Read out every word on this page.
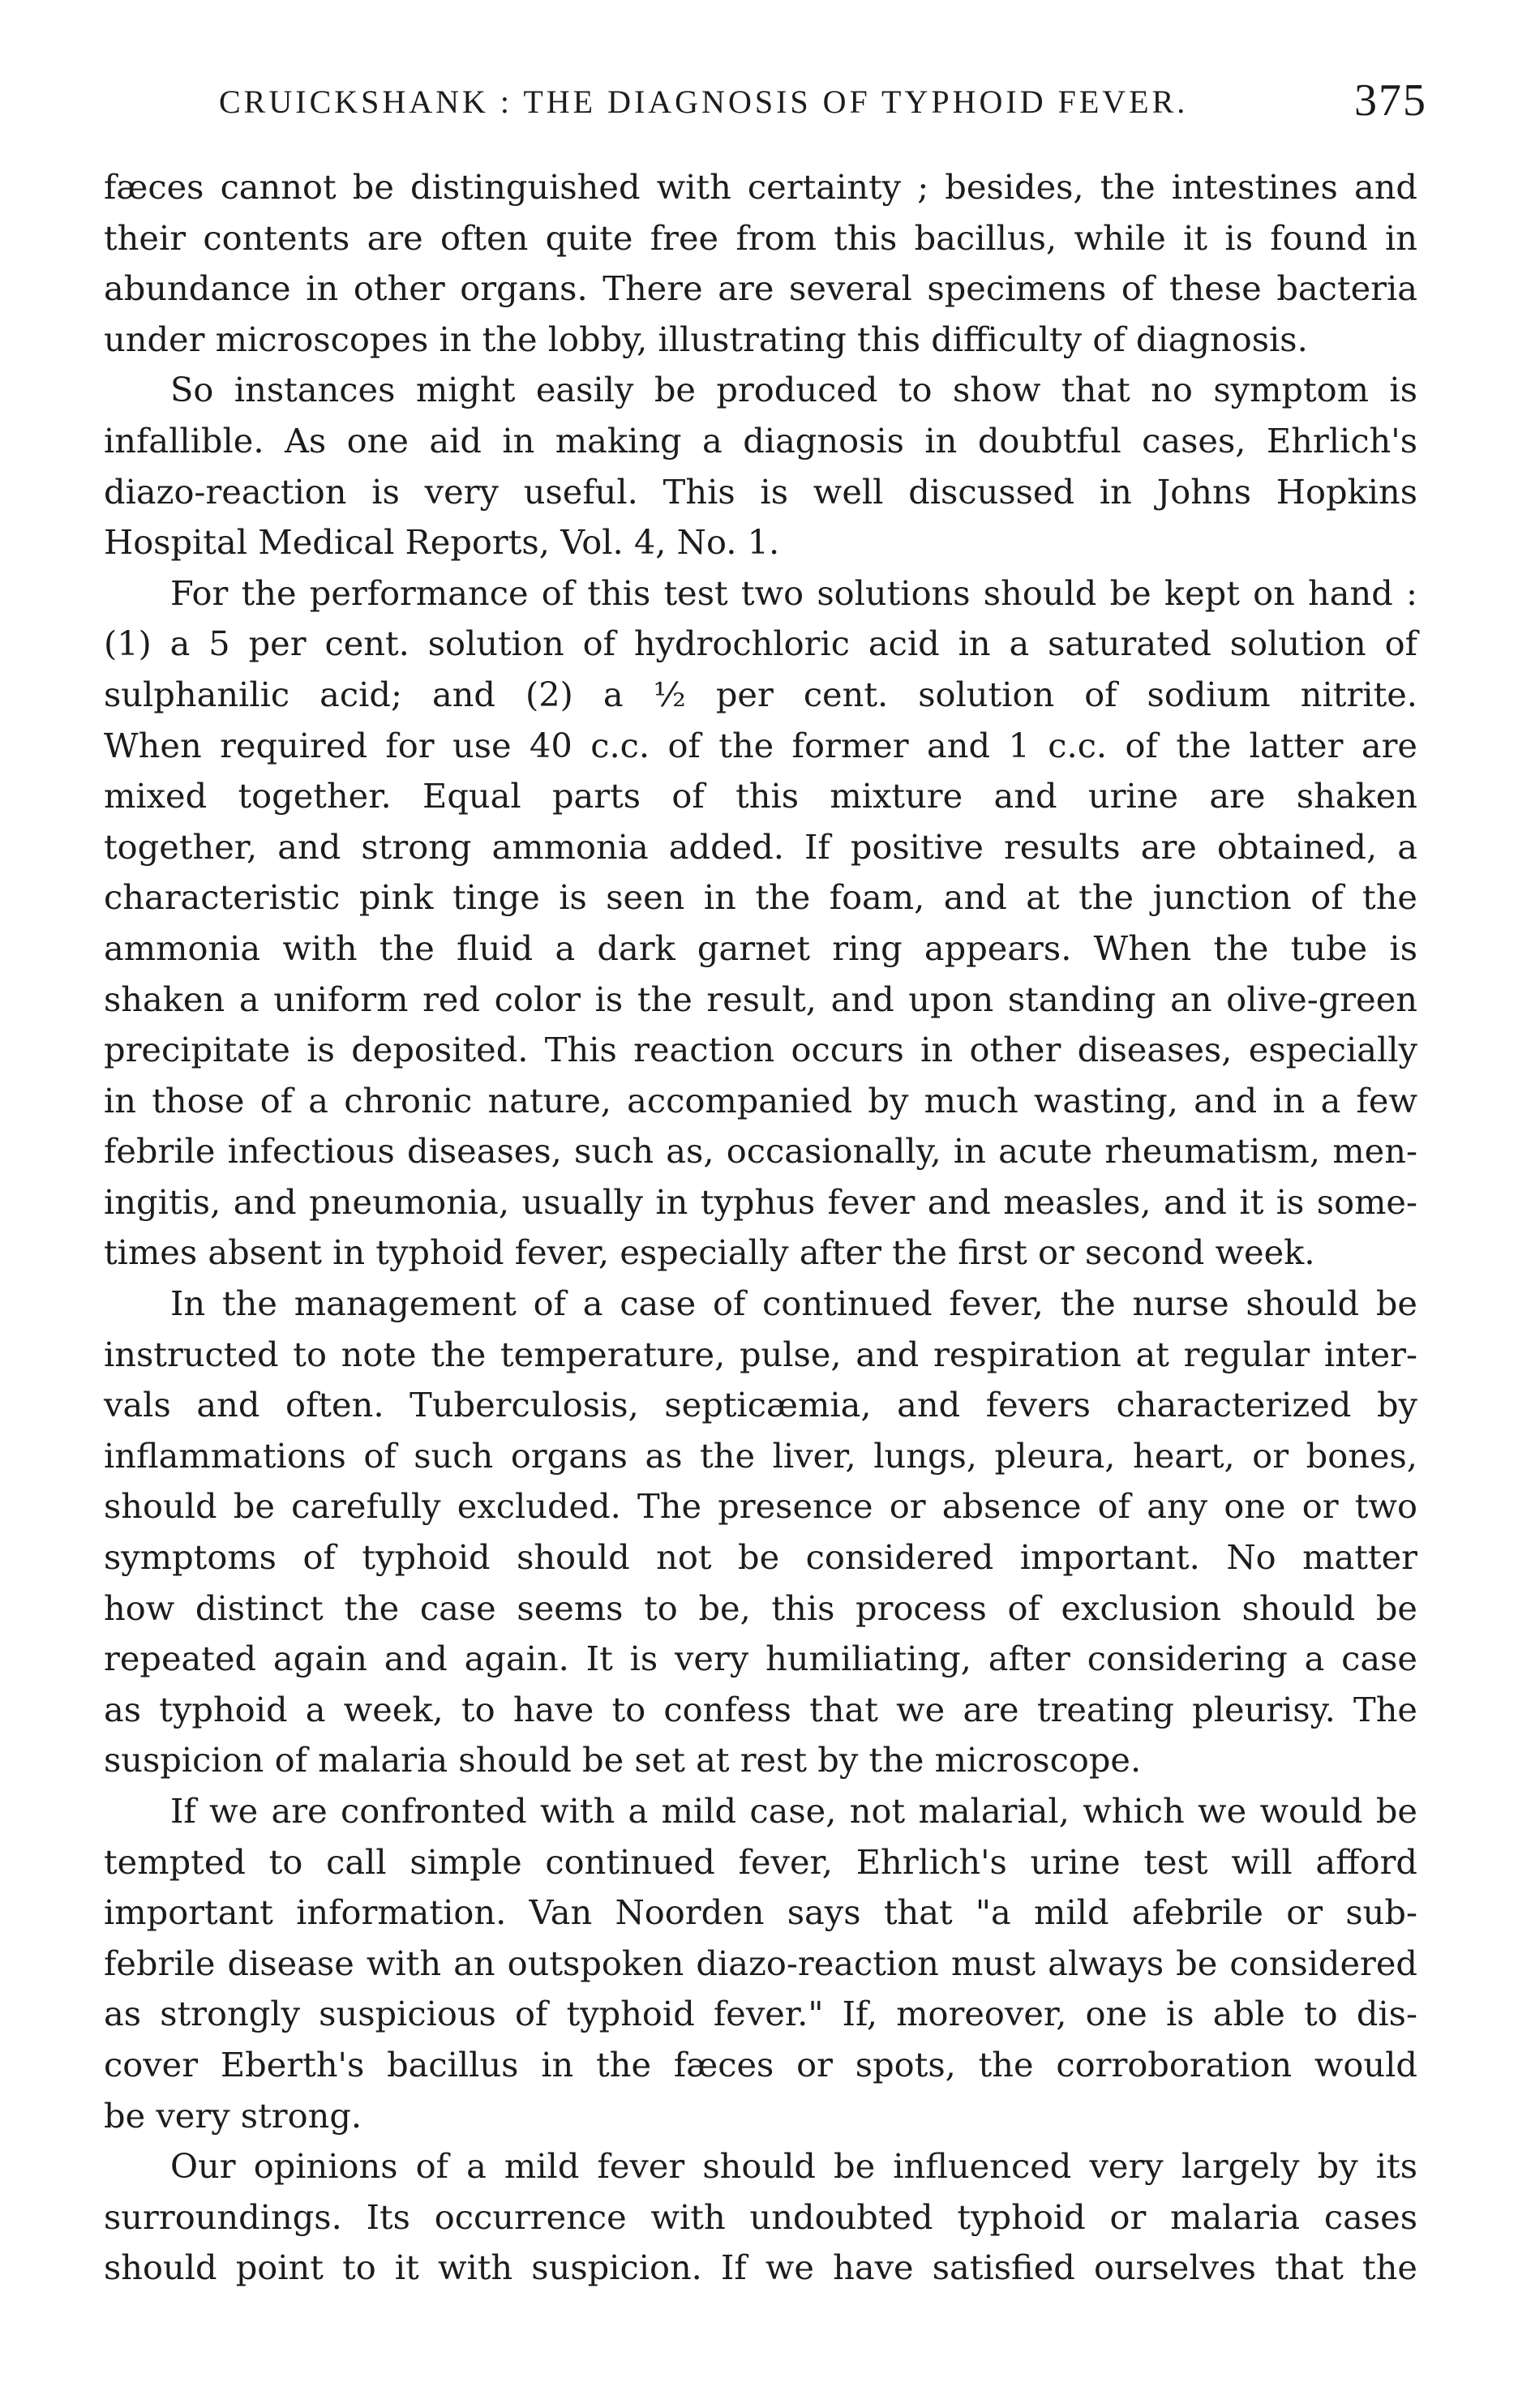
CRUICKSHANK : THE DIAGNOSIS OF TYPHOID FEVER.	375
fæces cannot be distinguished with certainty ; besides, the intestines and
their contents are often quite free from this bacillus, while it is found in
abundance in other organs. There are several specimens of these bacteria
under microscopes in the lobby, illustrating this difficulty of diagnosis.
So instances might easily be produced to show that no symptom is
infallible. As one aid in making a diagnosis in doubtful cases, Ehrlich's
diazo-reaction is very useful. This is well discussed in Johns Hopkins
Hospital Medical Reports, Vol. 4, No. 1.
For the performance of this test two solutions should be kept on hand :
(1) a 5 per cent. solution of hydrochloric acid in a saturated solution of
sulphanilic acid; and (2) a ½ per cent. solution of sodium nitrite.
When required for use 40 c.c. of the former and 1 c.c. of the latter are
mixed together. Equal parts of this mixture and urine are shaken
together, and strong ammonia added. If positive results are obtained, a
characteristic pink tinge is seen in the foam, and at the junction of the
ammonia with the fluid a dark garnet ring appears. When the tube is
shaken a uniform red color is the result, and upon standing an olive-green
precipitate is deposited. This reaction occurs in other diseases, especially
in those of a chronic nature, accompanied by much wasting, and in a few
febrile infectious diseases, such as, occasionally, in acute rheumatism, men-
ingitis, and pneumonia, usually in typhus fever and measles, and it is some-
times absent in typhoid fever, especially after the first or second week.
In the management of a case of continued fever, the nurse should be
instructed to note the temperature, pulse, and respiration at regular inter-
vals and often. Tuberculosis, septicæmia, and fevers characterized by
inflammations of such organs as the liver, lungs, pleura, heart, or bones,
should be carefully excluded. The presence or absence of any one or two
symptoms of typhoid should not be considered important. No matter
how distinct the case seems to be, this process of exclusion should be
repeated again and again. It is very humiliating, after considering a case
as typhoid a week, to have to confess that we are treating pleurisy. The
suspicion of malaria should be set at rest by the microscope.
If we are confronted with a mild case, not malarial, which we would be
tempted to call simple continued fever, Ehrlich's urine test will afford
important information. Van Noorden says that "a mild afebrile or sub-
febrile disease with an outspoken diazo-reaction must always be considered
as strongly suspicious of typhoid fever." If, moreover, one is able to dis-
cover Eberth's bacillus in the fæces or spots, the corroboration would
be very strong.
Our opinions of a mild fever should be influenced very largely by its
surroundings. Its occurrence with undoubted typhoid or malaria cases
should point to it with suspicion. If we have satisfied ourselves that the
